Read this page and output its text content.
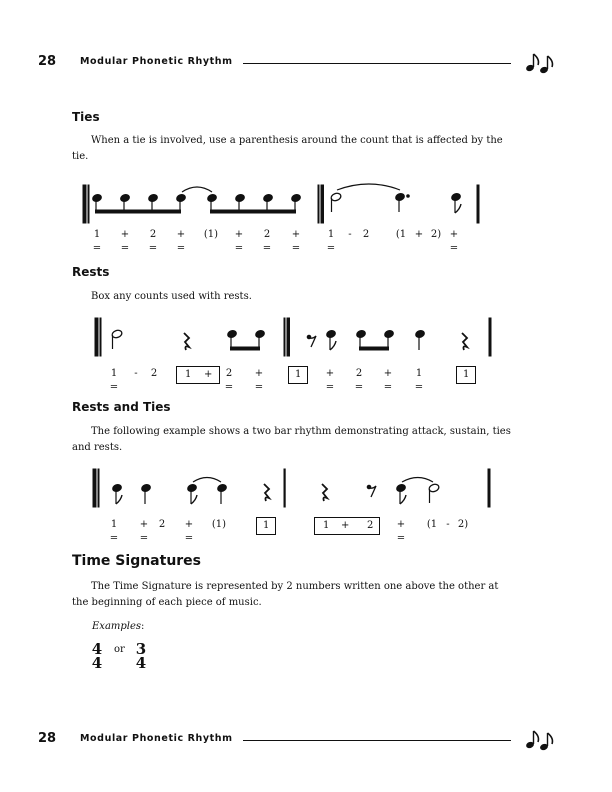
28	Modular Phonetic Rhythm
Ties
When a tie is involved, use a parenthesis around the count that is affected by the tie.
1	+	2	+	(1)	+	2	+	1	-	2	(1 + 2) +
=	=	=	=	=	=	=	=	=
Rests
Box any counts used with rests.
1	-	2	1 +	2	+	1	+	2	+	1	1
=	=	=	=	=	=	=
Rests and Ties
The following example shows a two bar rhythm demonstrating attack, sustain, ties and rests.
1	+	2	+	(1)	1	1 + 2	+	(1 - 2)
=	=	=	=
Time Signatures
The Time Signature is represented by 2 numbers written one above the other at the beginning of each piece of music.
Examples:
4
4
or 3
4
28	Modular Phonetic Rhythm
